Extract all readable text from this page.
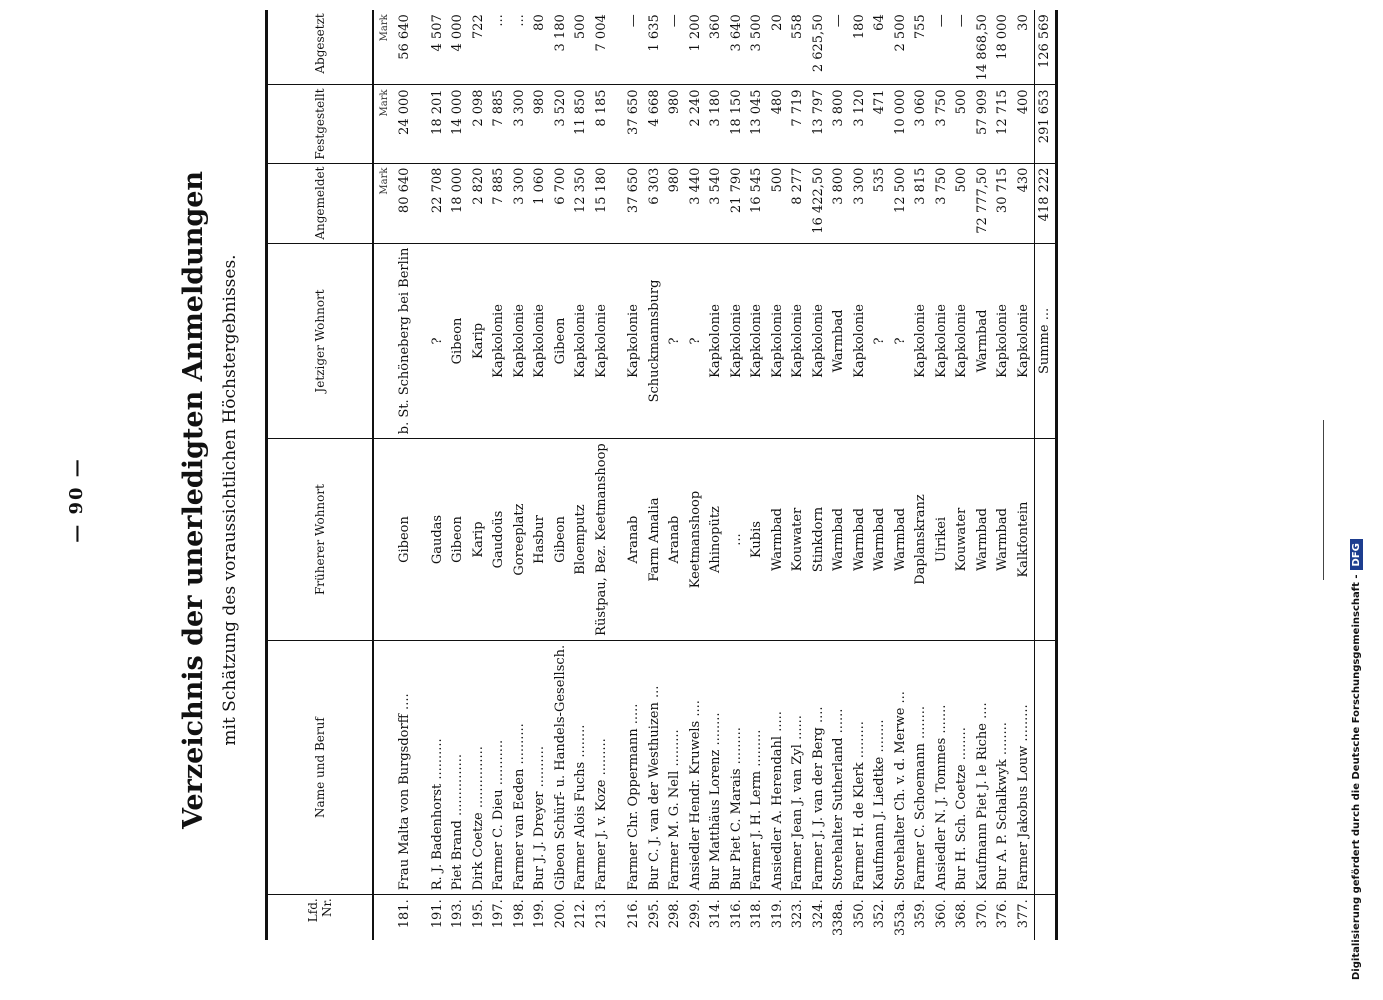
— 90 —	Verzeichnis der unerledigten Anmeldungen mit Schätzung des voraussichtlichen Höchstergebnisses.
Lfd. Nr.	Name und Beruf	Früherer Wohnort	Jetziger Wohnort	Angemeldet	Festgestellt	Abgesetzt
				Mark	Mark	Mark
181.	Frau Malta von Burgsdorff ....	Gibeon	b. St. Schöneberg bei Berlin	80 640	24 000	56 640

191.	R. J. Badenhorst ..........	Gaudas	?	22 708	18 201	4 507
193.	Piet Brand ...............	Gibeon	Gibeon	18 000	14 000	4 000
195.	Dirk Coetze ...............	Karip	Karip	2 820	2 098	722
197.	Farmer C. Dieu ...........	Gaudoüs	Kapkolonie	7 885	7 885	...
198.	Farmer van Eeden ..........	Goreeplatz	Kapkolonie	3 300	3 300	...
199.	Bur J. J. Dreyer ..........	Hasbur	Kapkolonie	1 060	980	80
200.	Gibeon Schürf- u. Handels-Gesellsch.	Gibeon	Gibeon	6 700	3 520	3 180
212.	Farmer Alois Fuchs ........	Bloemputz	Kapkolonie	12 350	11 850	500
213.	Farmer J. v. Koze .........	Rüstpau, Bez. Keetmanshoop	Kapkolonie	15 180	8 185	7 004

216.	Farmer Chr. Oppermann .....	Aranab	Kapkolonie	37 650	37 650	—
295.	Bur C. J. van der Westhuizen ...	Farm Amalia	Schuckmannsburg	6 303	4 668	1 635
298.	Farmer M. G. Nell .........	Aranab	?	980	980	—
299.	Ansiedler Hendr. Kruwels ....	Keetmanshoop	?	3 440	2 240	1 200
314.	Bur Matthäus Lorenz ........	Ahinopütz	Kapkolonie	3 540	3 180	360
316.	Bur Piet C. Marais .........	...	Kapkolonie	21 790	18 150	3 640
318.	Farmer J. H. Lerm .........	Kubis	Kapkolonie	16 545	13 045	3 500
319.	Ansiedler A. Herendahl .....	Warmbad	Kapkolonie	500	480	20
323.	Farmer Jean J. van Zyl ......	Kouwater	Kapkolonie	8 277	7 719	558
324.	Farmer J. J. van der Berg ....	Stinkdorn	Kapkolonie	16 422,50	13 797	2 625,50
338a.	Storehalter Sutherland ......	Warmbad	Warmbad	3 800	3 800	—
350.	Farmer H. de Klerk .........	Warmbad	Kapkolonie	3 300	3 120	180
352.	Kaufmann J. Liedtke ........	Warmbad	?	535	471	64
353a.	Storehalter Ch. v. d. Merwe ...	Warmbad	?	12 500	10 000	2 500
359.	Farmer C. Schoemann ........	Daplanskranz	Kapkolonie	3 815	3 060	755
360.	Ansiedler N. J. Tommes .......	Uirikei	Kapkolonie	3 750	3 750	—
368.	Bur H. Sch. Coetze ........	Kouwater	Kapkolonie	500	500	—
370.	Kaufmann Piet J. le Riche ....	Warmbad	Warmbad	72 777,50	57 909	14 868,50
376.	Bur A. P. Schalkwyk ........	Warmbad	Kapkolonie	30 715	12 715	18 000
377.	Farmer Jakobus Louw .........	Kalkfontein	Kapkolonie	430	400	30
			Summe ...	418 222	291 653	126 569
Digitalisierung gefördert durch die Deutsche Forschungsgemeinschaft -DFG
